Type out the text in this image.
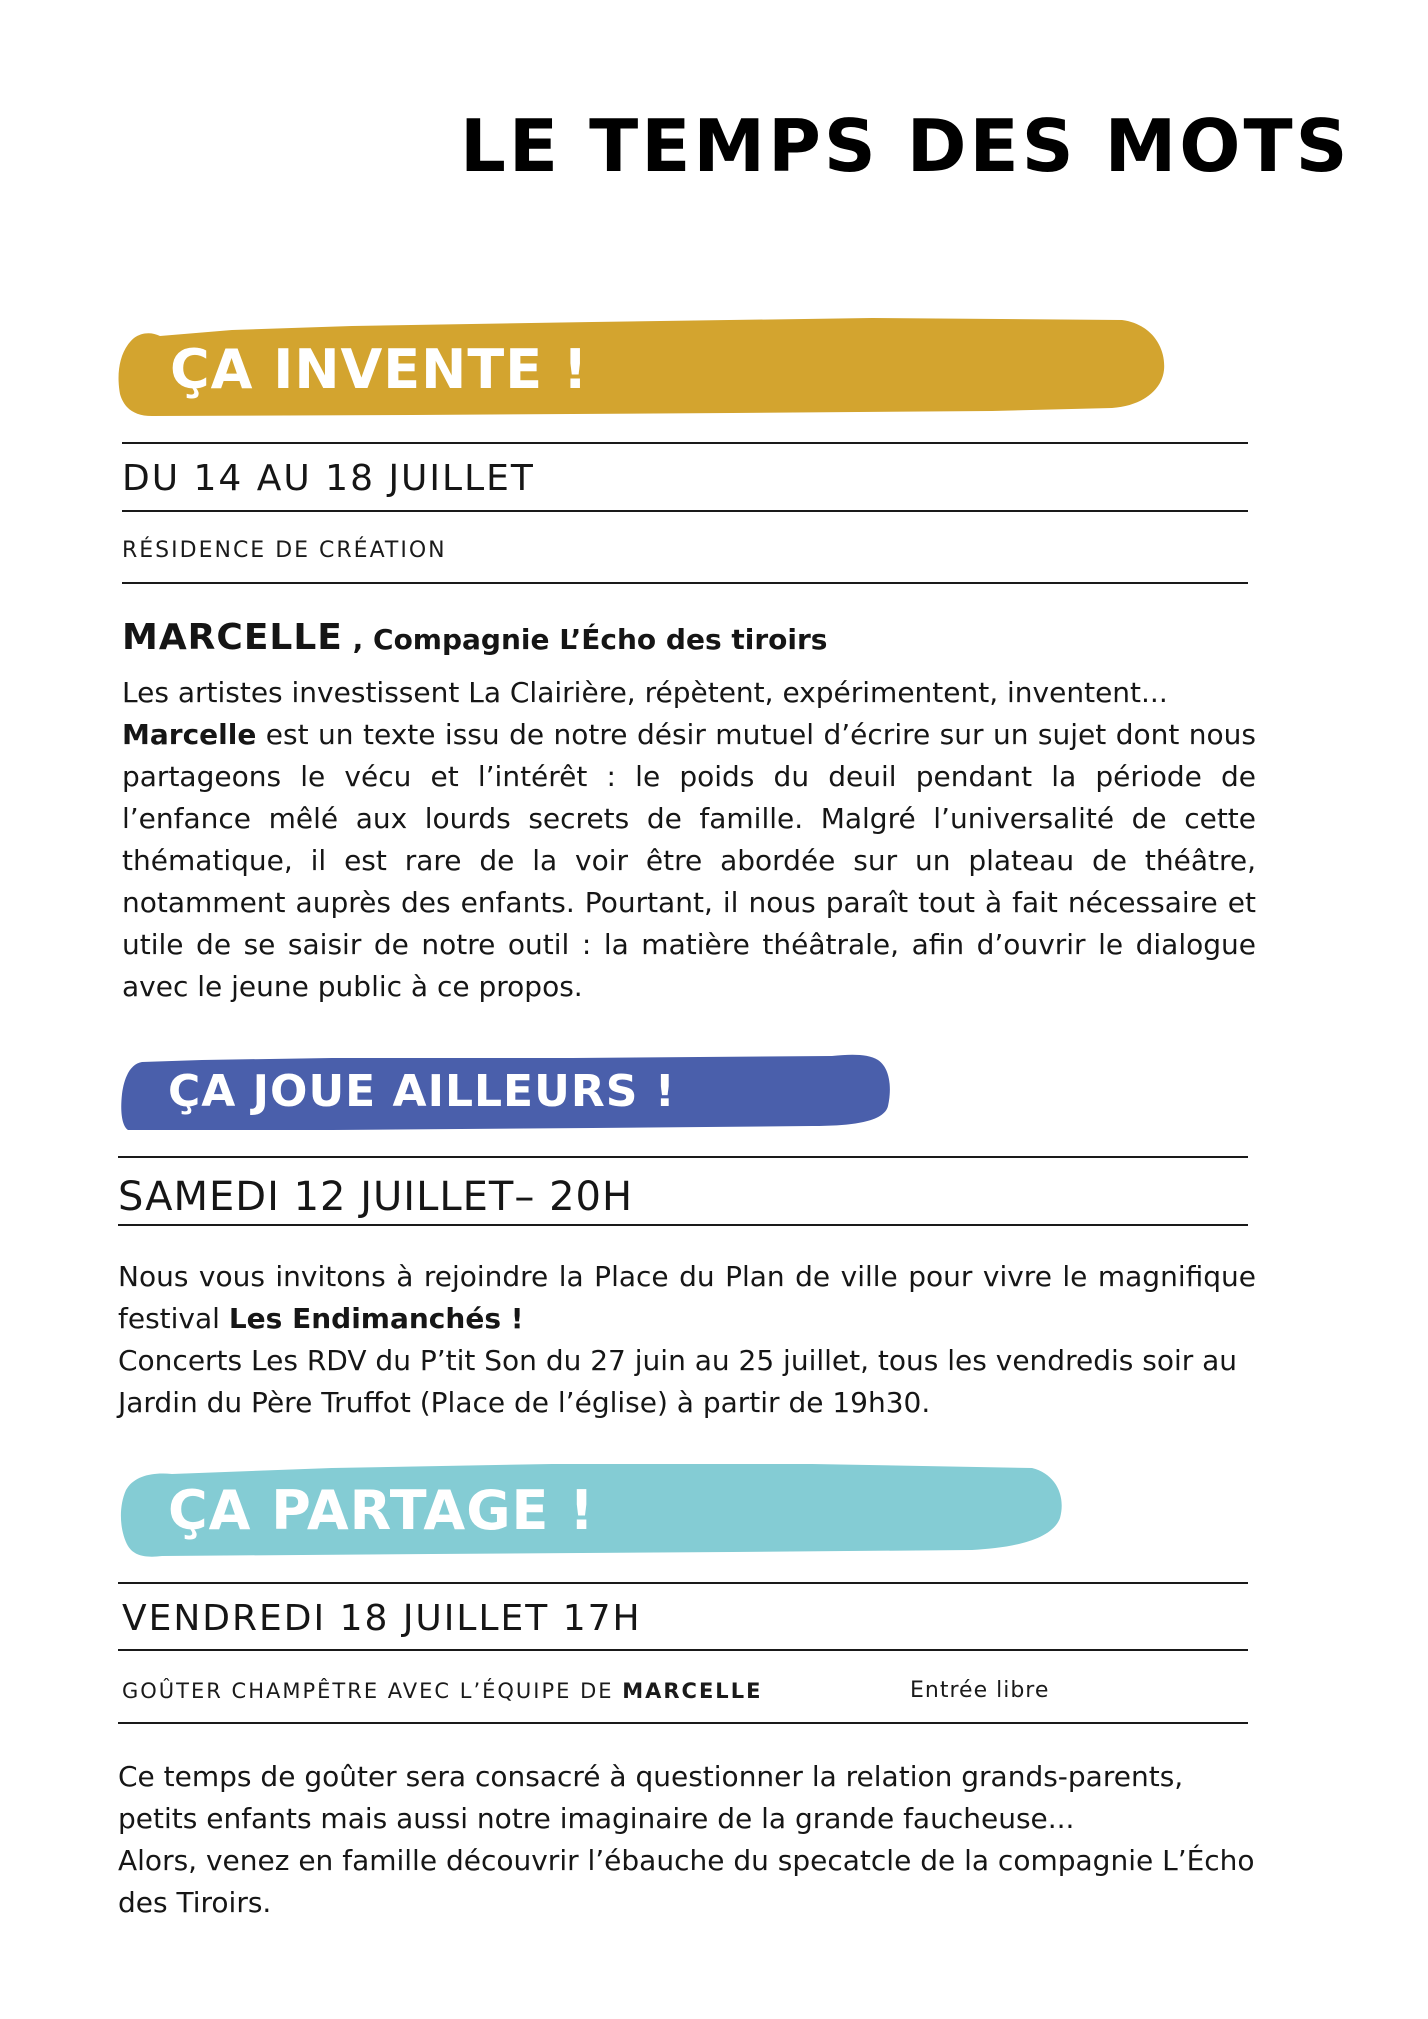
LE TEMPS DES MOTS
ÇA INVENTE !
DU 14 AU 18 JUILLET
RÉSIDENCE DE CRÉATION
MARCELLE , Compagnie L’Écho des tiroirs
Les artistes investissent La Clairière, répètent, expérimentent, inventent...
Marcelle est un texte issu de notre désir mutuel d’écrire sur un sujet dont nous partageons le vécu et l’intérêt : le poids du deuil pendant la période de l’enfance mêlé aux lourds secrets de famille. Malgré l’universalité de cette thématique, il est rare de la voir être abordée sur un plateau de théâtre, notamment auprès des enfants. Pourtant, il nous paraît tout à fait nécessaire et utile de se saisir de notre outil : la matière théâtrale, afin d’ouvrir le dialogue avec le jeune public à ce propos.
ÇA JOUE AILLEURS !
SAMEDI 12 JUILLET– 20H
Nous vous invitons à rejoindre la Place du Plan de ville pour vivre le magnifique festival Les Endimanchés !
Concerts Les RDV du P’tit Son du 27 juin au 25 juillet, tous les vendredis soir au Jardin du Père Truffot (Place de l’église) à partir de 19h30.
ÇA PARTAGE !
VENDREDI 18 JUILLET 17H
GOÛTER CHAMPÊTRE AVEC L’ÉQUIPE DE MARCELLE	Entrée libre
Ce temps de goûter sera consacré à questionner la relation grands-parents, petits enfants mais aussi notre imaginaire de la grande faucheuse...
Alors, venez en famille découvrir l’ébauche du specatcle de la compagnie L’Écho des Tiroirs.
